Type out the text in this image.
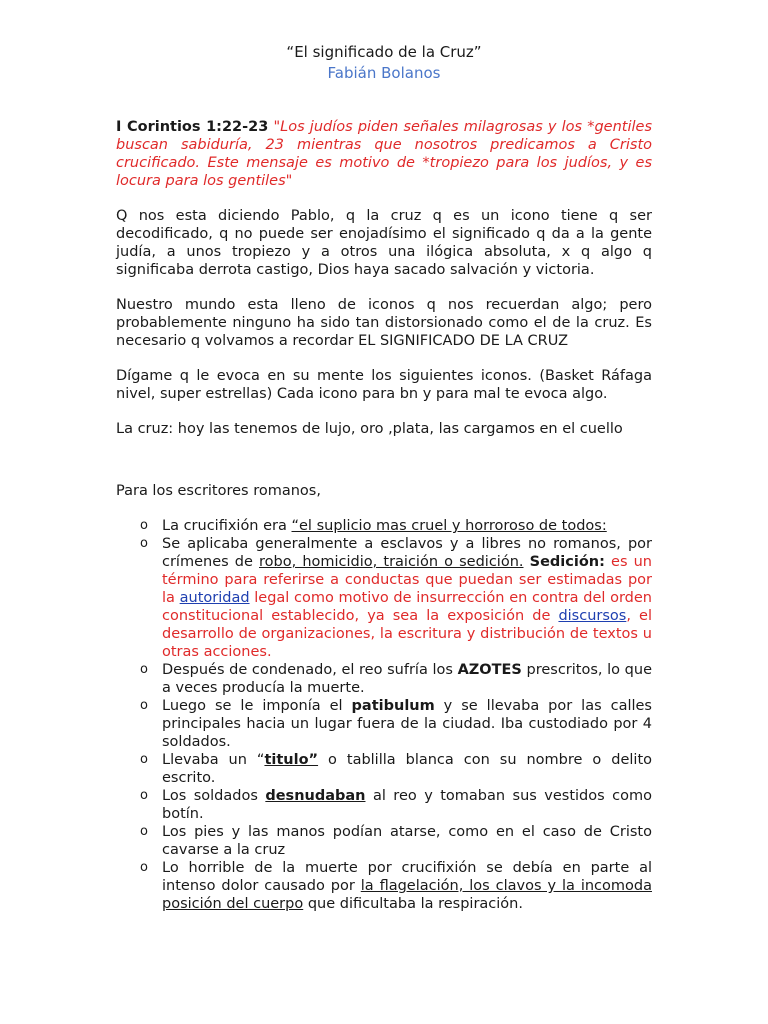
“El significado de la Cruz”
Fabián Bolanos

I Corintios 1:22-23 "Los judíos piden señales milagrosas y los *gentiles buscan sabiduría, 23 mientras que nosotros predicamos a Cristo crucificado. Este mensaje es motivo de *tropiezo para los judíos, y es locura para los gentiles"

Q nos esta diciendo Pablo, q la cruz q es un icono tiene q ser decodificado, q no puede ser enojadísimo el significado q da a la gente judía, a unos tropiezo y a otros una ilógica absoluta, x q algo q significaba derrota castigo, Dios haya sacado salvación y victoria.

Nuestro mundo esta lleno de iconos q nos recuerdan algo; pero probablemente ninguno ha sido tan distorsionado como el de la cruz. Es necesario q volvamos a recordar EL SIGNIFICADO DE LA CRUZ

Dígame q le evoca en su mente los siguientes iconos. (Basket Ráfaga nivel, super estrellas) Cada icono para bn y para mal te evoca algo.

La cruz: hoy las tenemos de lujo, oro ,plata, las cargamos en el cuello

Para los escritores romanos,

o La crucifixión era “el suplicio mas cruel y horroroso de todos:
o Se aplicaba generalmente a esclavos y a libres no romanos, por crímenes de robo, homicidio, traición o sedición. Sedición: es un término para referirse a conductas que puedan ser estimadas por la autoridad legal como motivo de insurrección en contra del orden constitucional establecido, ya sea la exposición de discursos, el desarrollo de organizaciones, la escritura y distribución de textos u otras acciones.
o Después de condenado, el reo sufría los AZOTES prescritos, lo que a veces producía la muerte.
o Luego se le imponía el patibulum y se llevaba por las calles principales hacia un lugar fuera de la ciudad. Iba custodiado por 4 soldados.
o Llevaba un “titulo” o tablilla blanca con su nombre o delito escrito.
o Los soldados desnudaban al reo y tomaban sus vestidos como botín.
o Los pies y las manos podían atarse, como en el caso de Cristo cavarse a la cruz
o Lo horrible de la muerte por crucifixión se debía en parte al intenso dolor causado por la flagelación, los clavos y la incomoda posición del cuerpo que dificultaba la respiración.
